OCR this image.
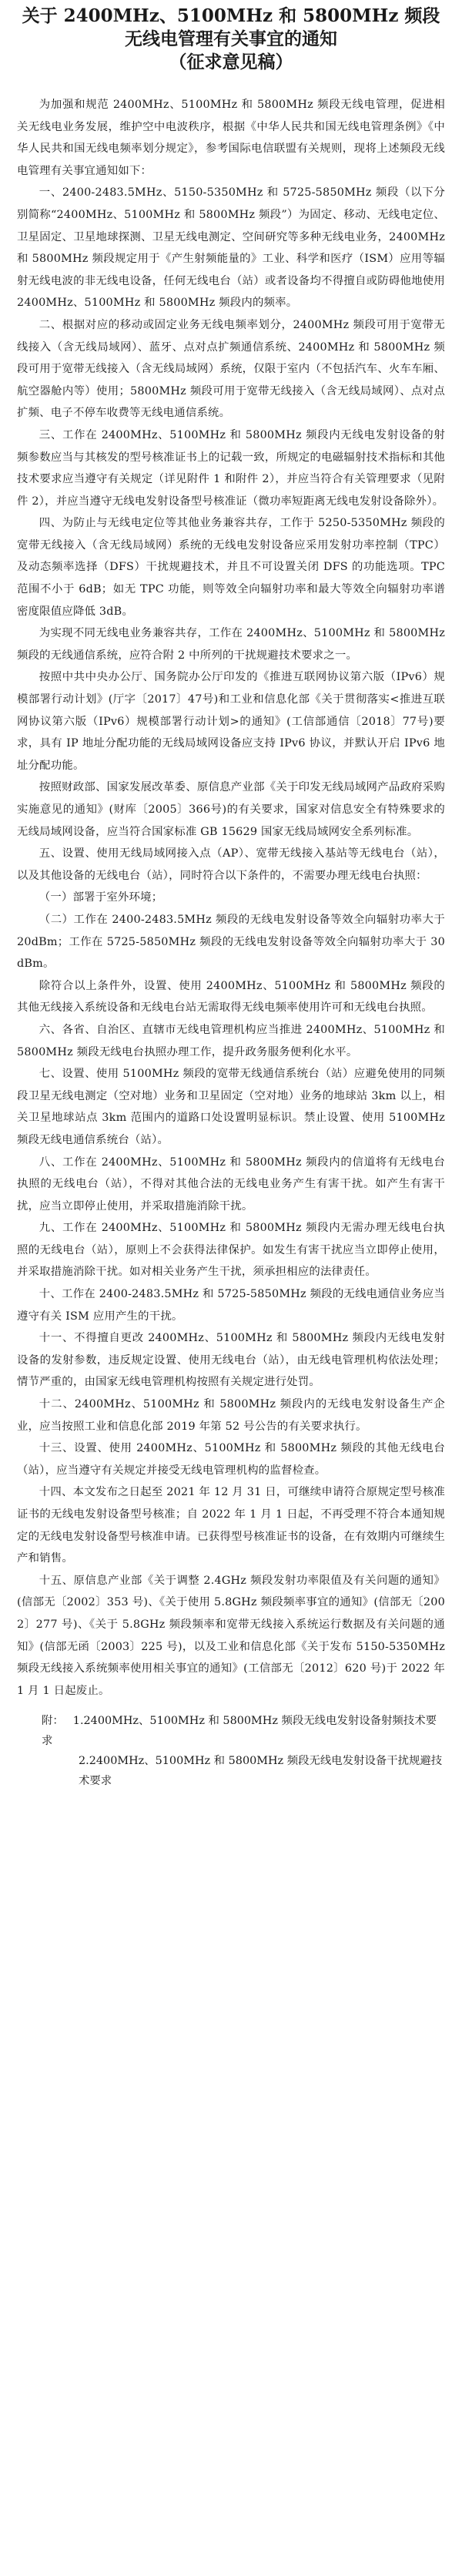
关于 2400MHz、5100MHz 和 5800MHz 频段
无线电管理有关事宜的通知
（征求意见稿）

为加强和规范 2400MHz、5100MHz 和 5800MHz 频段无线电管理，促进相关无线电业务发展，维护空中电波秩序，根据《中华人民共和国无线电管理条例》《中华人民共和国无线电频率划分规定》，参考国际电信联盟有关规则，现将上述频段无线电管理有关事宜通知如下：

一、2400-2483.5MHz、5150-5350MHz 和 5725-5850MHz 频段（以下分别简称“2400MHz、5100MHz 和 5800MHz 频段”）为固定、移动、无线电定位、卫星固定、卫星地球探测、卫星无线电测定、空间研究等多种无线电业务，2400MHz 和 5800MHz 频段规定用于《产生射频能量的》工业、科学和医疗（ISM）应用等辐射无线电波的非无线电设备，任何无线电台（站）或者设备均不得擅自或防碍他地使用 2400MHz、5100MHz 和 5800MHz 频段内的频率。

二、根据对应的移动或固定业务无线电频率划分，2400MHz 频段可用于宽带无线接入（含无线局域网）、蓝牙、点对点扩频通信系统、2400MHz 和 5800MHz 频段可用于宽带无线接入（含无线局域网）系统，仅限于室内（不包括汽车、火车车厢、航空器舱内等）使用；5800MHz 频段可用于宽带无线接入（含无线局域网）、点对点扩频、电子不停车收费等无线电通信系统。

三、工作在 2400MHz、5100MHz 和 5800MHz 频段内无线电发射设备的射频参数应当与其核发的型号核准证书上的记载一致，所规定的电磁辐射技术指标和其他技术要求应当遵守有关规定（详见附件 1 和附件 2），并应当符合有关管理要求（见附件 2），并应当遵守无线电发射设备型号核准证（微功率短距离无线电发射设备除外）。

四、为防止与无线电定位等其他业务兼容共存，工作于 5250-5350MHz 频段的宽带无线接入（含无线局域网）系统的无线电发射设备应采用发射功率控制（TPC）及动态频率选择（DFS）干扰规避技术，并且不可设置关闭 DFS 的功能选项。TPC 范围不小于 6dB；如无 TPC 功能，则等效全向辐射功率和最大等效全向辐射功率谱密度限值应降低 3dB。

为实现不同无线电业务兼容共存，工作在 2400MHz、5100MHz 和 5800MHz 频段的无线通信系统，应符合附 2 中所列的干扰规避技术要求之一。

按照中共中央办公厅、国务院办公厅印发的《推进互联网协议第六版（IPv6）规模部署行动计划》(厅字〔2017〕47号)和工业和信息化部《关于贯彻落实<推进互联网协议第六版（IPv6）规模部署行动计划>的通知》(工信部通信〔2018〕77号)要求，具有 IP 地址分配功能的无线局域网设备应支持 IPv6 协议，并默认开启 IPv6 地址分配功能。

按照财政部、国家发展改革委、原信息产业部《关于印发无线局域网产品政府采购实施意见的通知》(财库〔2005〕366号)的有关要求，国家对信息安全有特殊要求的无线局域网设备，应当符合国家标准 GB 15629 国家无线局域网安全系列标准。

五、设置、使用无线局域网接入点（AP）、宽带无线接入基站等无线电台（站），以及其他设备的无线电台（站），同时符合以下条件的，不需要办理无线电台执照：

（一）部署于室外环境；

（二）工作在 2400-2483.5MHz 频段的无线电发射设备等效全向辐射功率大于 20dBm；工作在 5725-5850MHz 频段的无线电发射设备等效全向辐射功率大于 30dBm。

除符合以上条件外，设置、使用 2400MHz、5100MHz 和 5800MHz 频段的其他无线接入系统设备和无线电台站无需取得无线电频率使用许可和无线电台执照。

六、各省、自治区、直辖市无线电管理机构应当推进 2400MHz、5100MHz 和 5800MHz 频段无线电台执照办理工作，提升政务服务便利化水平。

七、设置、使用 5100MHz 频段的宽带无线通信系统台（站）应避免使用的同频段卫星无线电测定（空对地）业务和卫星固定（空对地）业务的地球站 3km 以上，相关卫星地球站点 3km 范围内的道路口处设置明显标识。禁止设置、使用 5100MHz 频段无线电通信系统台（站）。

八、工作在 2400MHz、5100MHz 和 5800MHz 频段内的信道将有无线电台执照的无线电台（站），不得对其他合法的无线电业务产生有害干扰。如产生有害干扰，应当立即停止使用，并采取措施消除干扰。

九、工作在 2400MHz、5100MHz 和 5800MHz 频段内无需办理无线电台执照的无线电台（站），原则上不会获得法律保护。如发生有害干扰应当立即停止使用，并采取措施消除干扰。如对相关业务产生干扰，须承担相应的法律责任。

十、工作在 2400-2483.5MHz 和 5725-5850MHz 频段的无线电通信业务应当遵守有关 ISM 应用产生的干扰。

十一、不得擅自更改 2400MHz、5100MHz 和 5800MHz 频段内无线电发射设备的发射参数，违反规定设置、使用无线电台（站），由无线电管理机构依法处理；情节严重的，由国家无线电管理机构按照有关规定进行处罚。

十二、2400MHz、5100MHz 和 5800MHz 频段内的无线电发射设备生产企业，应当按照工业和信息化部 2019 年第 52 号公告的有关要求执行。

十三、设置、使用 2400MHz、5100MHz 和 5800MHz 频段的其他无线电台（站），应当遵守有关规定并接受无线电管理机构的监督检查。

十四、本文发布之日起至 2021 年 12 月 31 日，可继续申请符合原规定型号核准证书的无线电发射设备型号核准；自 2022 年 1 月 1 日起，不再受理不符合本通知规定的无线电发射设备型号核准申请。已获得型号核准证书的设备，在有效期内可继续生产和销售。

十五、原信息产业部《关于调整 2.4GHz 频段发射功率限值及有关问题的通知》(信部无〔2002〕353 号)、《关于使用 5.8GHz 频段频率事宜的通知》(信部无〔2002〕277 号)、《关于 5.8GHz 频段频率和宽带无线接入系统运行数据及有关问题的通知》(信部无函〔2003〕225 号)，以及工业和信息化部《关于发布 5150-5350MHz 频段无线接入系统频率使用相关事宜的通知》(工信部无〔2012〕620 号)于 2022 年 1 月 1 日起废止。

附： 1.2400MHz、5100MHz 和 5800MHz 频段无线电发射设备射频技术要求

2.2400MHz、5100MHz 和 5800MHz 频段无线电发射设备干扰规避技术要求
